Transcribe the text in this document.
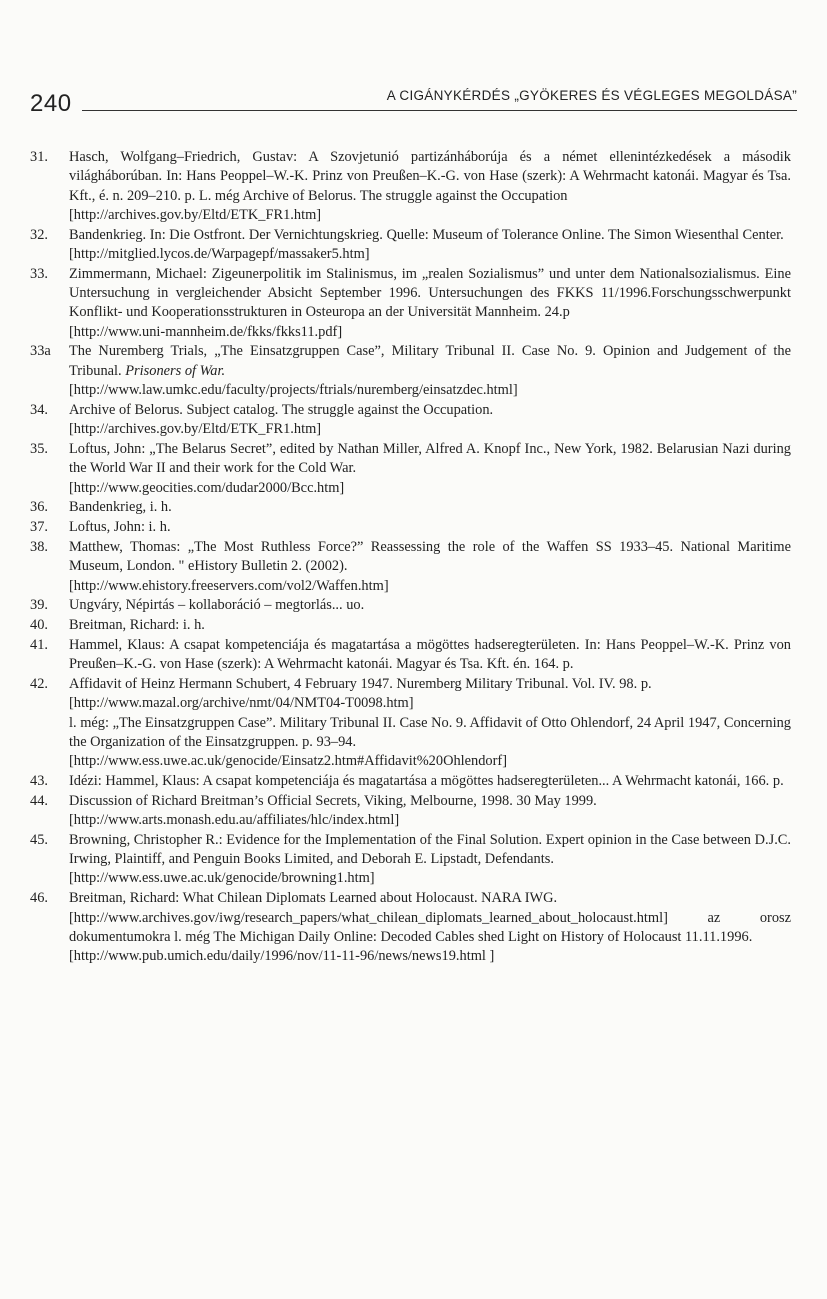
240	A CIGÁNYKÉRDÉS „GYÖKERES ÉS VÉGLEGES MEGOLDÁSA”
31. Hasch, Wolfgang–Friedrich, Gustav: A Szovjetunió partizánháborúja és a német ellenintézkedések a második világháborúban. In: Hans Peoppel–W.-K. Prinz von Preußen–K.-G. von Hase (szerk): A Wehrmacht katonái. Magyar és Tsa. Kft., é. n. 209–210. p. L. még Archive of Belorus. The struggle against the Occupation
[http://archives.gov.by/Eltd/ETK_FR1.htm]
32. Bandenkrieg. In: Die Ostfront. Der Vernichtungskrieg. Quelle: Museum of Tolerance Online. The Simon Wiesenthal Center.
[http://mitglied.lycos.de/Warpagepf/massaker5.htm]
33. Zimmermann, Michael: Zigeunerpolitik im Stalinismus, im „realen Sozialismus” und unter dem Nationalsozialismus. Eine Untersuchung in vergleichender Absicht September 1996. Untersuchungen des FKKS 11/1996.Forschungsschwerpunkt Konflikt- und Kooperationsstrukturen in Osteuropa an der Universität Mannheim. 24.p
[http://www.uni-mannheim.de/fkks/fkks11.pdf]
33a The Nuremberg Trials, „The Einsatzgruppen Case”, Military Tribunal II. Case No. 9. Opinion and Judgement of the Tribunal. Prisoners of War.
[http://www.law.umkc.edu/faculty/projects/ftrials/nuremberg/einsatzdec.html]
34. Archive of Belorus. Subject catalog. The struggle against the Occupation.
[http://archives.gov.by/Eltd/ETK_FR1.htm]
35. Loftus, John: „The Belarus Secret”, edited by Nathan Miller, Alfred A. Knopf Inc., New York, 1982. Belarusian Nazi during the World War II and their work for the Cold War.
[http://www.geocities.com/dudar2000/Bcc.htm]
36. Bandenkrieg, i. h.
37. Loftus, John: i. h.
38. Matthew, Thomas: „The Most Ruthless Force?” Reassessing the role of the Waffen SS 1933–45. National Maritime Museum, London. " eHistory Bulletin 2. (2002).
[http://www.ehistory.freeservers.com/vol2/Waffen.htm]
39. Ungváry, Népirtás – kollaboráció – megtorlás... uo.
40. Breitman, Richard: i. h.
41. Hammel, Klaus: A csapat kompetenciája és magatartása a mögöttes hadseregterületen. In: Hans Peoppel–W.-K. Prinz von Preußen–K.-G. von Hase (szerk): A Wehrmacht katonái. Magyar és Tsa. Kft. én. 164. p.
42. Affidavit of Heinz Hermann Schubert, 4 February 1947. Nuremberg Military Tribunal. Vol. IV. 98. p.
[http://www.mazal.org/archive/nmt/04/NMT04-T0098.htm]
l. még: „The Einsatzgruppen Case”. Military Tribunal II. Case No. 9. Affidavit of Otto Ohlendorf, 24 April 1947, Concerning the Organization of the Einsatzgruppen. p. 93–94.
[http://www.ess.uwe.ac.uk/genocide/Einsatz2.htm#Affidavit%20Ohlendorf]
43. Idézi: Hammel, Klaus: A csapat kompetenciája és magatartása a mögöttes hadseregterületen... A Wehrmacht katonái, 166. p.
44. Discussion of Richard Breitman’s Official Secrets, Viking, Melbourne, 1998. 30 May 1999.
[http://www.arts.monash.edu.au/affiliates/hlc/index.html]
45. Browning, Christopher R.: Evidence for the Implementation of the Final Solution. Expert opinion in the Case between D.J.C. Irwing, Plaintiff, and Penguin Books Limited, and Deborah E. Lipstadt, Defendants.
[http://www.ess.uwe.ac.uk/genocide/browning1.htm]
46. Breitman, Richard: What Chilean Diplomats Learned about Holocaust. NARA IWG.
[http://www.archives.gov/iwg/research_papers/what_chilean_diplomats_learned_about_holocaust.html] az orosz dokumentumokra l. még The Michigan Daily Online: Decoded Cables shed Light on History of Holocaust 11.11.1996.
[http://www.pub.umich.edu/daily/1996/nov/11-11-96/news/news19.html ]
